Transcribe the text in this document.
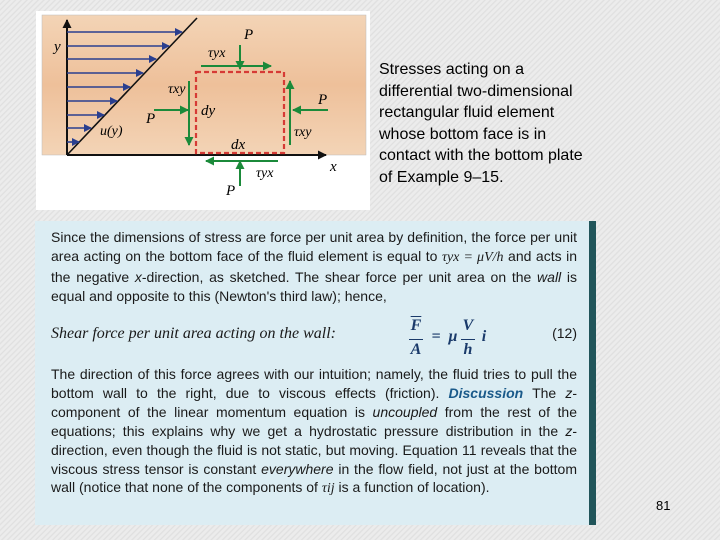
y
x
u(y)
dy
dx
P
τyx
P
τxy
P
τxy
P
τyx
Stresses acting on a differential two-dimensional rectangular fluid element whose bottom face is in contact with the bottom plate of Example 9–15.

Since the dimensions of stress are force per unit area by definition, the force per unit area acting on the bottom face of the fluid element is equal to τyx = μV/h and acts in the negative x-direction, as sketched. The shear force per unit area on the wall is equal and opposite to this (Newton's third law); hence,

Shear force per unit area acting on the wall:	$\overline{F}$
A
= μ
V
h
i	(12)

The direction of this force agrees with our intuition; namely, the fluid tries to pull the bottom wall to the right, due to viscous effects (friction). Discussion The z-component of the linear momentum equation is uncoupled from the rest of the equations; this explains why we get a hydrostatic pressure distribution in the z-direction, even though the fluid is not static, but moving. Equation 11 reveals that the viscous stress tensor is constant everywhere in the flow field, not just at the bottom wall (notice that none of the components of τij is a function of location).

81
